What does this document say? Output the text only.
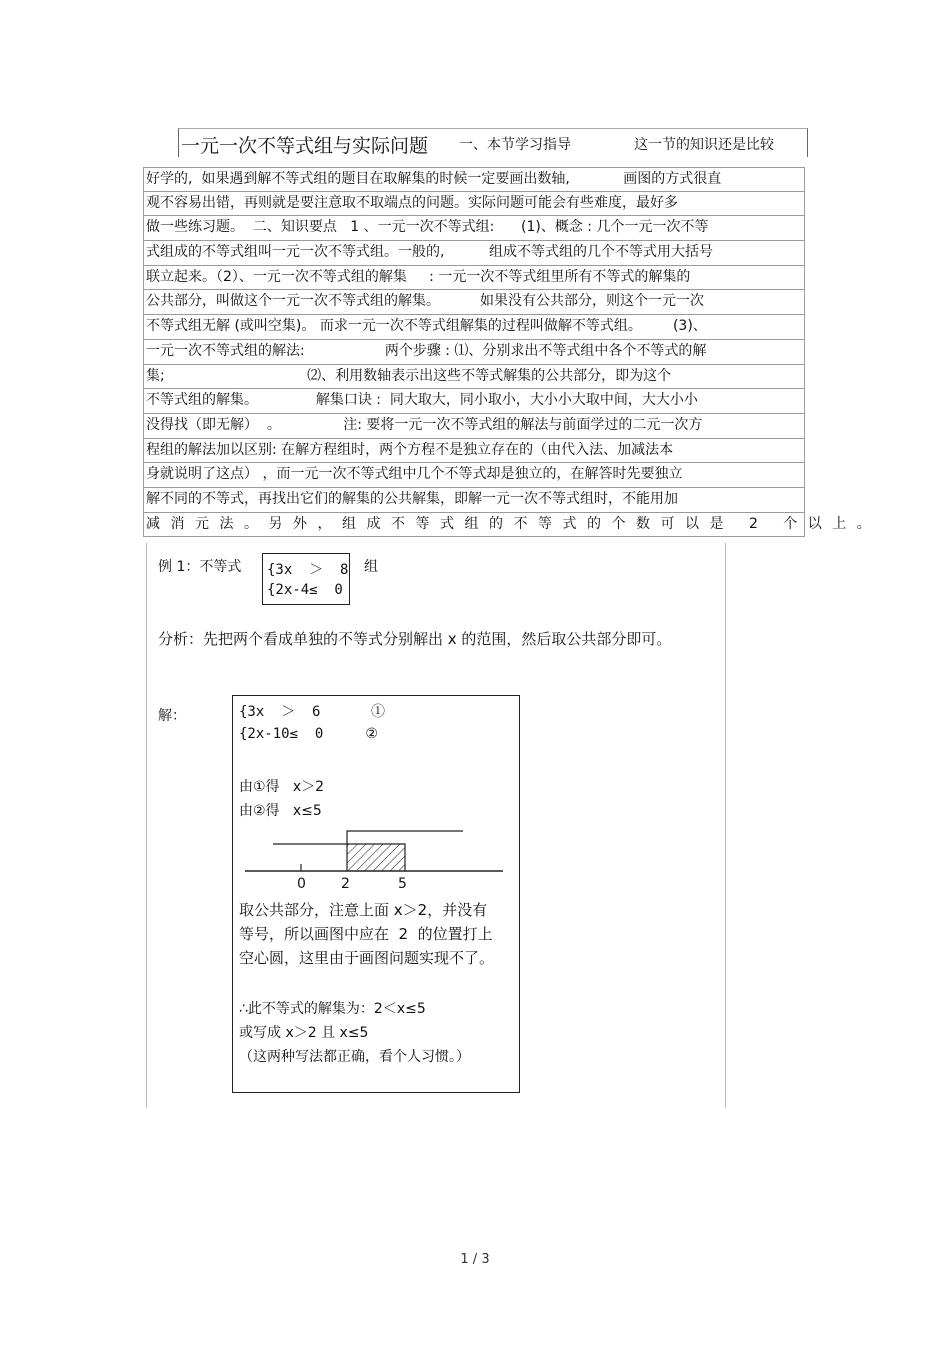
一元一次不等式组与实际问题 一、本节学习指导	这一节的知识还是比较
好学的,  如果遇到解不等式组的题目在取解集的时候一定要画出数轴,            画图的方式很直
观不容易出错，再则就是要注意取不取端点的问题。实际问题可能会有些难度，最好多
做一些练习题。  二、知识要点   1 、一元一次不等式组:      (1)、概念 : 几个一元一次不等
式组成的不等式组叫一元一次不等式组。一般的,          组成不等式组的几个不等式用大括号
联立起来。（2）、一元一次不等式组的解集     : 一元一次不等式组里所有不等式的解集的
公共部分，叫做这个一元一次不等式组的解集。         如果没有公共部分，则这个一元一次
不等式组无解 (或叫空集)。 而求一元一次不等式组解集的过程叫做解不等式组。       (3)、
一元一次不等式组的解法:                  两个步骤 : ⑴、分别求出不等式组中各个不等式的解
集;                                ⑵、利用数轴表示出这些不等式解集的公共部分，即为这个
不等式组的解集。             解集口诀 :  同大取大，同小取小，大小小大取中间，大大小小
没得找（即无解）  。              注: 要将一元一次不等式组的解法与前面学过的二元一次方
程组的解法加以区别: 在解方程组时，两个方程不是独立存在的（由代入法、加减法本
身就说明了这点） ，而一元一次不等式组中几个不等式却是独立的，在解答时先要独立
解不同的不等式，再找出它们的解集的公共解集，即解一元一次不等式组时，不能用加
减消元法。另外，组成不等式组的不等式的个数可以是 2 个以上。
例 1：不等式 {3x  ＞  8
{2x-4≤  0
组
分析：先把两个看成单独的不等式分别解出 x 的范围，然后取公共部分即可。
解：	{3x  ＞  6      ①
{2x-10≤  0     ②
由①得   x＞2
由②得   x≤5
0	2	5
取公共部分，注意上面 x＞2，并没有
等号，所以画图中应在  2  的位置打上
空心圆，这里由于画图问题实现不了。
∴此不等式的解集为：2＜x≤5
或写成 x＞2 且 x≤5
（这两种写法都正确，看个人习惯。）
1 / 3
